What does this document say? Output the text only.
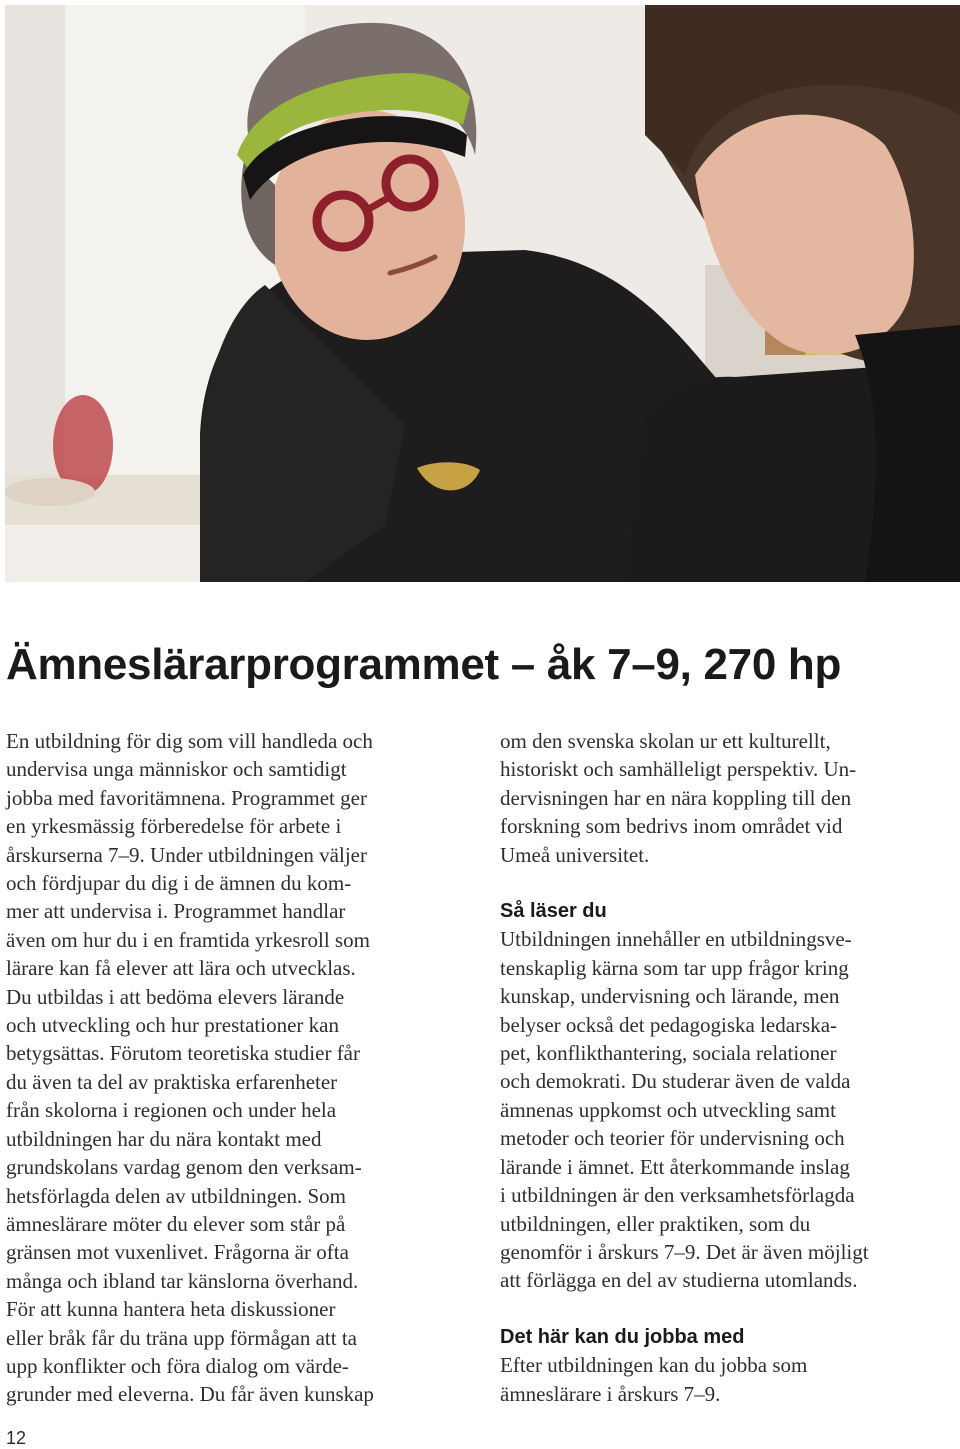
Ämneslärarprogrammet – åk 7–9, 270 hp
En utbildning för dig som vill handleda och
undervisa unga människor och samtidigt
jobba med favoritämnena. Programmet ger
en yrkesmässig förberedelse för arbete i
årskurserna 7–9. Under utbildningen väljer
och fördjupar du dig i de ämnen du kom-
mer att undervisa i. Programmet handlar
även om hur du i en framtida yrkesroll som
lärare kan få elever att lära och utvecklas.
Du utbildas i att bedöma elevers lärande
och utveckling och hur prestationer kan
betygsättas. Förutom teoretiska studier får
du även ta del av praktiska erfarenheter
från skolorna i regionen och under hela
utbildningen har du nära kontakt med
grundskolans vardag genom den verksam-
hetsförlagda delen av utbildningen. Som
ämneslärare möter du elever som står på
gränsen mot vuxenlivet. Frågorna är ofta
många och ibland tar känslorna överhand.
För att kunna hantera heta diskussioner
eller bråk får du träna upp förmågan att ta
upp konflikter och föra dialog om värde-
grunder med eleverna. Du får även kunskap
om den svenska skolan ur ett kulturellt,
historiskt och samhälleligt perspektiv. Un-
dervisningen har en nära koppling till den
forskning som bedrivs inom området vid
Umeå universitet.
Så läser du
Utbildningen innehåller en utbildningsve-
tenskaplig kärna som tar upp frågor kring
kunskap, undervisning och lärande, men
belyser också det pedagogiska ledarska-
pet, konflikthantering, sociala relationer
och demokrati. Du studerar även de valda
ämnenas uppkomst och utveckling samt
metoder och teorier för undervisning och
lärande i ämnet. Ett återkommande inslag
i utbildningen är den verksamhetsförlagda
utbildningen, eller praktiken, som du
genomför i årskurs 7–9. Det är även möjligt
att förlägga en del av studierna utomlands.
Det här kan du jobba med
Efter utbildningen kan du jobba som
ämneslärare i årskurs 7–9.
12
